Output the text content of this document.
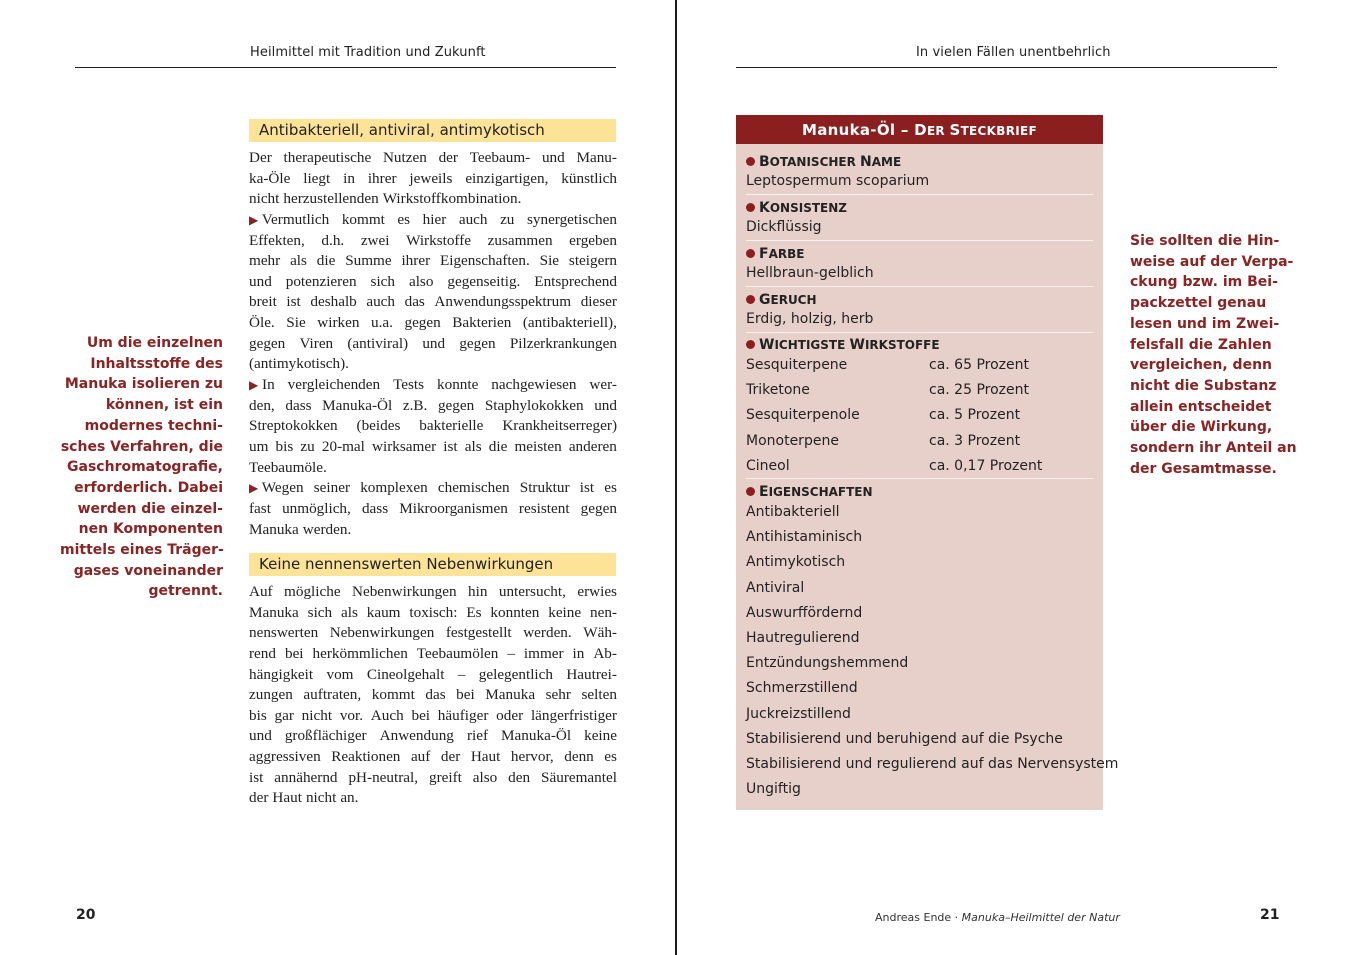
Heilmittel mit Tradition und Zukunft
Um die einzelnen
Inhaltsstoffe des
Manuka isolieren zu
können, ist ein
modernes techni-
sches Verfahren, die
Gaschromatografie,
erforderlich. Dabei
werden die einzel-
nen Komponenten
mittels eines Träger-
gases voneinander
getrennt.
Antibakteriell, antiviral, antimykotisch
Der therapeutische Nutzen der Teebaum- und Manu-
ka-Öle liegt in ihrer jeweils einzigartigen, künstlich
nicht herzustellenden Wirkstoffkombination.
▶ Vermutlich kommt es hier auch zu synergetischen
Effekten, d.h. zwei Wirkstoffe zusammen ergeben
mehr als die Summe ihrer Eigenschaften. Sie steigern
und potenzieren sich also gegenseitig. Entsprechend
breit ist deshalb auch das Anwendungsspektrum dieser
Öle. Sie wirken u.a. gegen Bakterien (antibakteriell),
gegen Viren (antiviral) und gegen Pilzerkrankungen
(antimykotisch).
▶ In vergleichenden Tests konnte nachgewiesen wer-
den, dass Manuka-Öl z.B. gegen Staphylokokken und
Streptokokken (beides bakterielle Krankheitserreger)
um bis zu 20-mal wirksamer ist als die meisten anderen
Teebaumöle.
▶ Wegen seiner komplexen chemischen Struktur ist es
fast unmöglich, dass Mikroorganismen resistent gegen
Manuka werden.
Keine nennenswerten Nebenwirkungen
Auf mögliche Nebenwirkungen hin untersucht, erwies
Manuka sich als kaum toxisch: Es konnten keine nen-
nenswerten Nebenwirkungen festgestellt werden. Wäh-
rend bei herkömmlichen Teebaumölen – immer in Ab-
hängigkeit vom Cineolgehalt – gelegentlich Hautrei-
zungen auftraten, kommt das bei Manuka sehr selten
bis gar nicht vor. Auch bei häufiger oder längerfristiger
und großflächiger Anwendung rief Manuka-Öl keine
aggressiven Reaktionen auf der Haut hervor, denn es
ist annähernd pH-neutral, greift also den Säuremantel
der Haut nicht an.
20
In vielen Fällen unentbehrlich
Manuka-Öl – DER STECKBRIEF
BOTANISCHER NAME
Leptospermum scoparium
KONSISTENZ
Dickflüssig
FARBE
Hellbraun-gelblich
GERUCH
Erdig, holzig, herb
WICHTIGSTE WIRKSTOFFE
Sesquiterpene	ca. 65 Prozent
Triketone	ca. 25 Prozent
Sesquiterpenole	ca. 5 Prozent
Monoterpene	ca. 3 Prozent
Cineol	ca. 0,17 Prozent
EIGENSCHAFTEN
Antibakteriell
Antihistaminisch
Antimykotisch
Antiviral
Auswurffördernd
Hautregulierend
Entzündungshemmend
Schmerzstillend
Juckreizstillend
Stabilisierend und beruhigend auf die Psyche
Stabilisierend und regulierend auf das Nervensystem
Ungiftig
Sie sollten die Hin-
weise auf der Verpa-
ckung bzw. im Bei-
packzettel genau
lesen und im Zwei-
felsfall die Zahlen
vergleichen, denn
nicht die Substanz
allein entscheidet
über die Wirkung,
sondern ihr Anteil an
der Gesamtmasse.
Andreas Ende · Manuka–Heilmittel der Natur	21
